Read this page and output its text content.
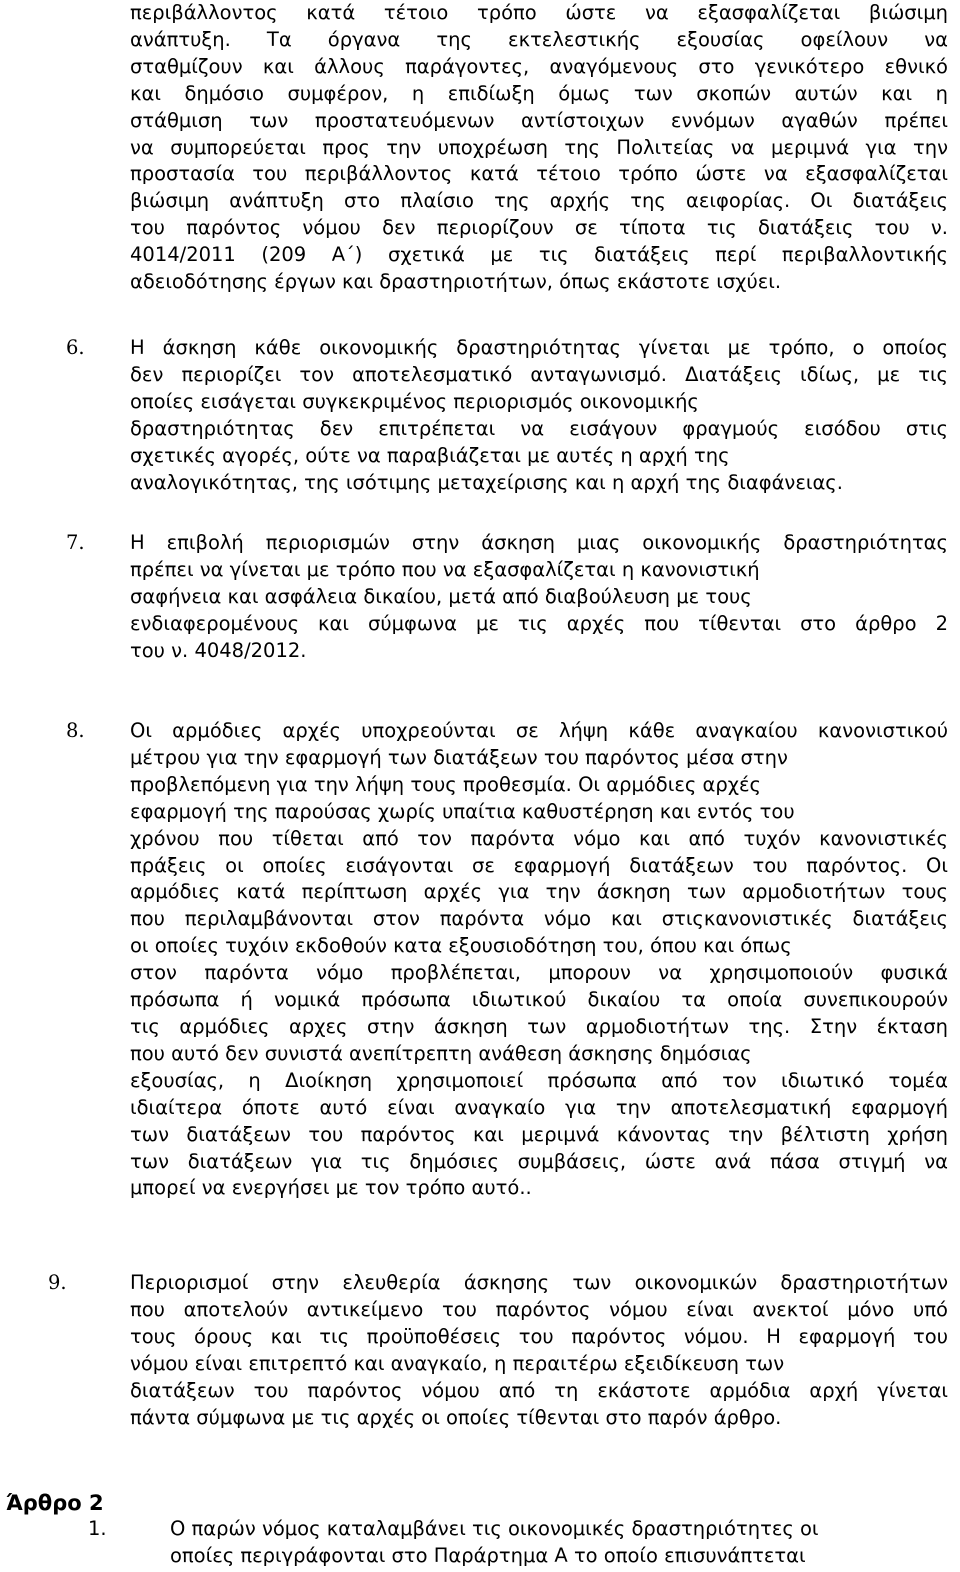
περιβάλλοντος κατά τέτοιο τρόπο ώστε να εξασφαλίζεται βιώσιμη
ανάπτυξη. Τα όργανα της εκτελεστικής εξουσίας οφείλουν να
σταθμίζουν και άλλους παράγοντες, αναγόμενους στο γενικότερο εθνικό
και δημόσιο συμφέρον, η επιδίωξη όμως των σκοπών αυτών και η
στάθμιση των προστατευόμενων αντίστοιχων εννόμων αγαθών πρέπει
να συμπορεύεται προς την υποχρέωση της Πολιτείας να μεριμνά για την
προστασία του περιβάλλοντος κατά τέτοιο τρόπο ώστε να εξασφαλίζεται
βιώσιμη ανάπτυξη στο πλαίσιο της αρχής της αειφορίας. Οι διατάξεις
του παρόντος νόμου δεν περιορίζουν σε τίποτα τις διατάξεις του ν.
4014/2011 (209 Α΄) σχετικά με τις διατάξεις περί περιβαλλοντικής
αδειοδότησης έργων και δραστηριοτήτων, όπως εκάστοτε ισχύει.
6. Η άσκηση κάθε οικονομικής δραστηριότητας γίνεται με τρόπο, ο οποίος
δεν περιορίζει τον αποτελεσματικό ανταγωνισμό. Διατάξεις ιδίως, με τις
οποίες εισάγεται συγκεκριμένος περιορισμός οικονομικής
δραστηριότητας δεν επιτρέπεται να εισάγουν φραγμούς εισόδου στις
σχετικές αγορές, ούτε να παραβιάζεται με αυτές η αρχή της
αναλογικότητας, της ισότιμης μεταχείρισης και η αρχή της διαφάνειας.
7. Η επιβολή περιορισμών στην άσκηση μιας οικονομικής δραστηριότητας
πρέπει να γίνεται με τρόπο που να εξασφαλίζεται η κανονιστική
σαφήνεια και ασφάλεια δικαίου, μετά από διαβούλευση με τους
ενδιαφερομένους και σύμφωνα με τις αρχές που τίθενται στο άρθρο 2
του ν. 4048/2012.
8. Οι αρμόδιες αρχές υποχρεούνται σε λήψη κάθε αναγκαίου κανονιστικού
μέτρου για την εφαρμογή των διατάξεων του παρόντος μέσα στην
προβλεπόμενη για την λήψη τους προθεσμία. Οι αρμόδιες αρχές
εφαρμογή της παρούσας χωρίς υπαίτια καθυστέρηση και εντός του
χρόνου που τίθεται από τον παρόντα νόμο και από τυχόν κανονιστικές
πράξεις οι οποίες εισάγονται σε εφαρμογή διατάξεων του παρόντος. Οι
αρμόδιες κατά περίπτωση αρχές για την άσκηση των αρμοδιοτήτων τους
που περιλαμβάνονται στον παρόντα νόμο και στιςκανονιστικές διατάξεις
οι οποίες τυχόιν εκδοθούν κατα εξουσιοδότηση του, όπου και όπως
στον παρόντα νόμο προβλέπεται, μπορουν να χρησιμοποιούν φυσικά
πρόσωπα ή νομικά πρόσωπα ιδιωτικού δικαίου τα οποία συνεπικουρούν
τις αρμόδιες αρχες στην άσκηση των αρμοδιοτήτων της. Στην έκταση
που αυτό δεν συνιστά ανεπίτρεπτη ανάθεση άσκησης δημόσιας
εξουσίας, η Διοίκηση χρησιμοποιεί πρόσωπα από τον ιδιωτικό τομέα
ιδιαίτερα όποτε αυτό είναι αναγκαίο για την αποτελεσματική εφαρμογή
των διατάξεων του παρόντος και μεριμνά κάνοντας την βέλτιστη χρήση
των διατάξεων για τις δημόσιες συμβάσεις, ώστε ανά πάσα στιγμή να
μπορεί να ενεργήσει με τον τρόπο αυτό..
9.	Περιορισμοί στην ελευθερία άσκησης των οικονομικών δραστηριοτήτων
που αποτελούν αντικείμενο του παρόντος νόμου είναι ανεκτοί μόνο υπό
τους όρους και τις προϋποθέσεις του παρόντος νόμου. Η εφαρμογή του
νόμου είναι επιτρεπτό και αναγκαίο, η περαιτέρω εξειδίκευση των
διατάξεων του παρόντος νόμου από τη εκάστοτε αρμόδια αρχή γίνεται
πάντα σύμφωνα με τις αρχές οι οποίες τίθενται στο παρόν άρθρο.
Άρθρο 2
1.	Ο παρών νόμος καταλαμβάνει τις οικονομικές δραστηριότητες οι
οποίες περιγράφονται στο Παράρτημα Α το οποίο επισυνάπτεται
